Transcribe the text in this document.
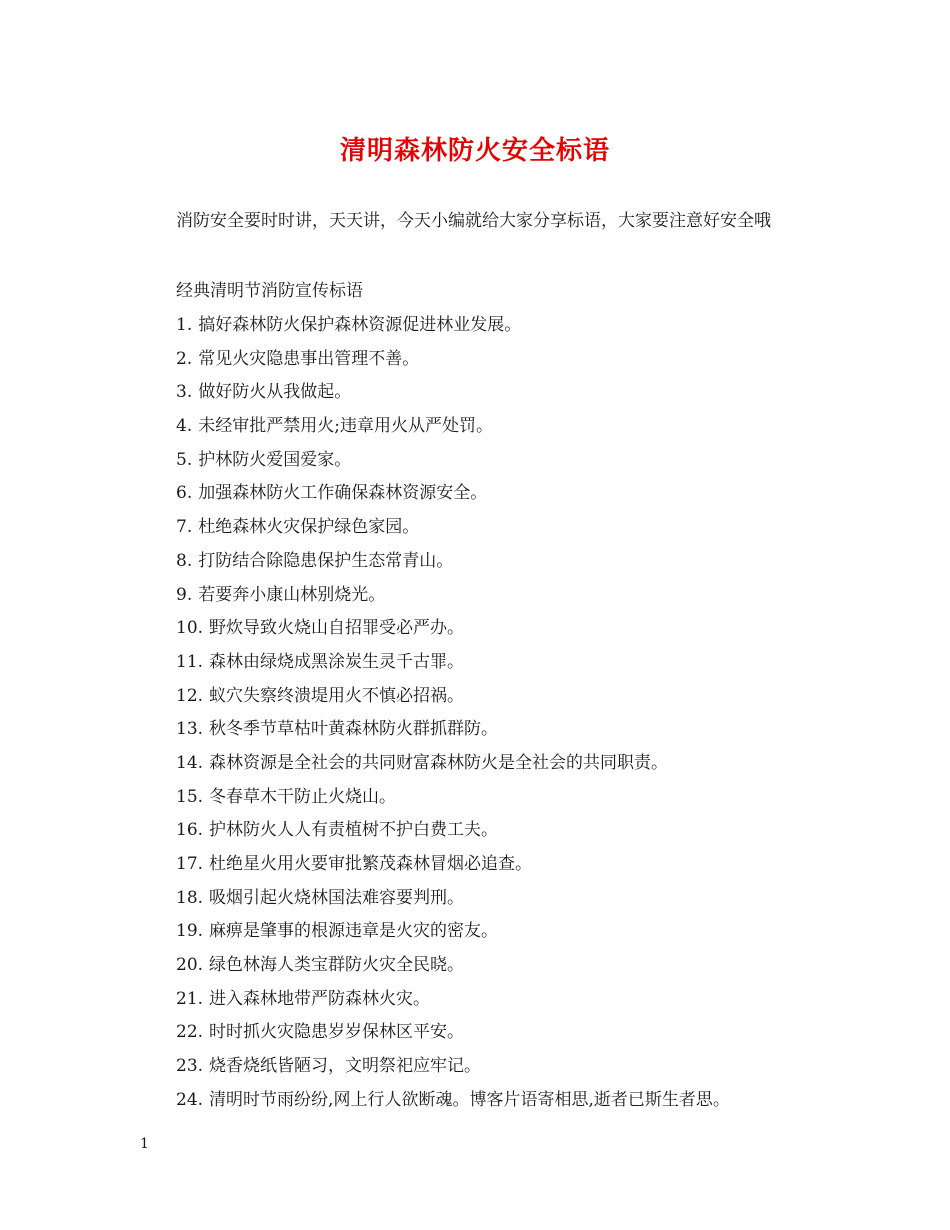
清明森林防火安全标语

消防安全要时时讲，天天讲，今天小编就给大家分享标语，大家要注意好安全哦

经典清明节消防宣传标语

1. 搞好森林防火保护森林资源促进林业发展。
2. 常见火灾隐患事出管理不善。
3. 做好防火从我做起。
4. 未经审批严禁用火;违章用火从严处罚。
5. 护林防火爱国爱家。
6. 加强森林防火工作确保森林资源安全。
7. 杜绝森林火灾保护绿色家园。
8. 打防结合除隐患保护生态常青山。
9. 若要奔小康山林别烧光。
10. 野炊导致火烧山自招罪受必严办。
11. 森林由绿烧成黑涂炭生灵千古罪。
12. 蚁穴失察终溃堤用火不慎必招祸。
13. 秋冬季节草枯叶黄森林防火群抓群防。
14. 森林资源是全社会的共同财富森林防火是全社会的共同职责。
15. 冬春草木干防止火烧山。
16. 护林防火人人有责植树不护白费工夫。
17. 杜绝星火用火要审批繁茂森林冒烟必追查。
18. 吸烟引起火烧林国法难容要判刑。
19. 麻痹是肇事的根源违章是火灾的密友。
20. 绿色林海人类宝群防火灾全民晓。
21. 进入森林地带严防森林火灾。
22. 时时抓火灾隐患岁岁保林区平安。
23. 烧香烧纸皆陋习，文明祭祀应牢记。
24. 清明时节雨纷纷,网上行人欲断魂。博客片语寄相思,逝者已斯生者思。

1
